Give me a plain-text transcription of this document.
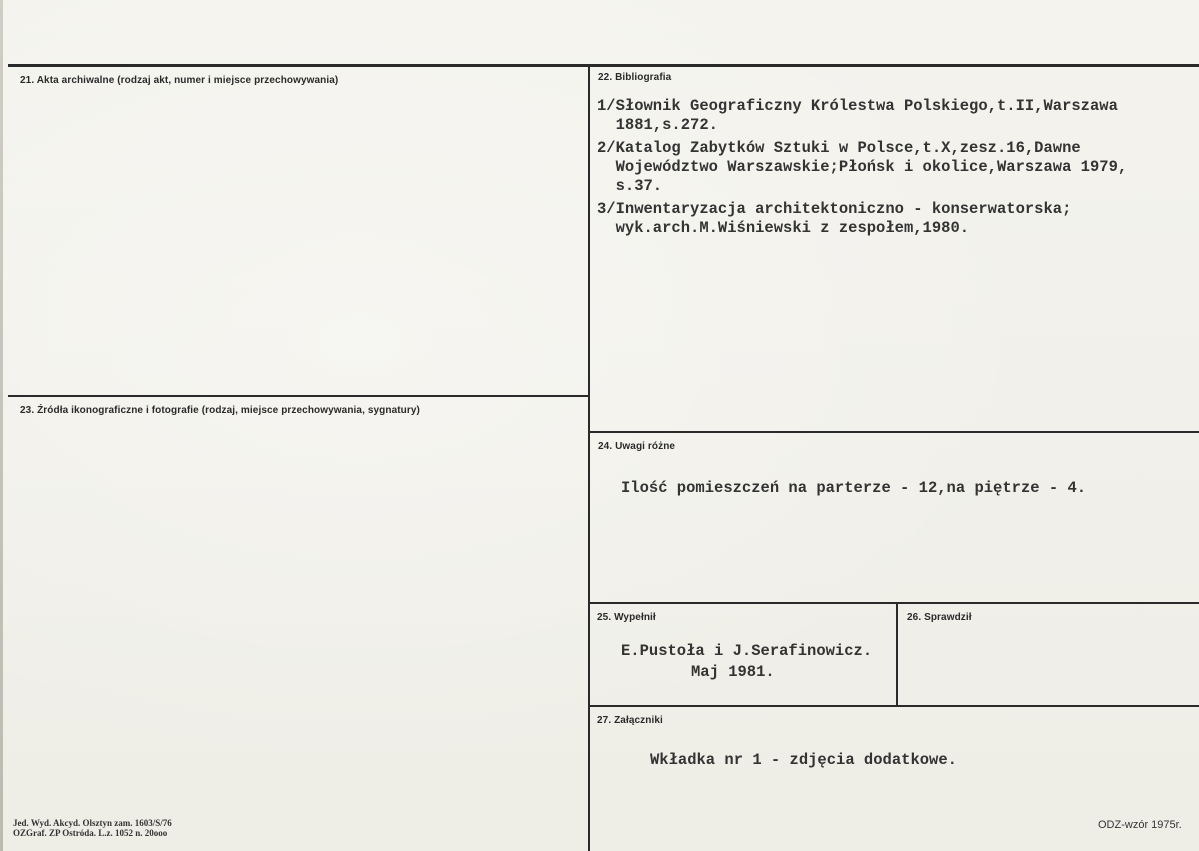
21. Akta archiwalne (rodzaj akt, numer i miejsce przechowywania)	22. Bibliografia
23. Źródła ikonograficzne i fotografie (rodzaj, miejsce przechowywania, sygnatury)
24. Uwagi różne
25. Wypełnił	26. Sprawdził
27. Załączniki
1/Słownik Geograficzny Królestwa Polskiego,t.II,Warszawa
1881,s.272.
2/Katalog Zabytków Sztuki w Polsce,t.X,zesz.16,Dawne
Województwo Warszawskie;Płońsk i okolice,Warszawa 1979,
s.37.
3/Inwentaryzacja architektoniczno - konserwatorska;
wyk.arch.M.Wiśniewski z zespołem,1980.
Ilość pomieszczeń na parterze - 12,na piętrze - 4.
E.Pustoła i J.Serafinowicz.
Maj 1981.
Wkładka nr 1 - zdjęcia dodatkowe.
Jed. Wyd. Akcyd. Olsztyn zam. 1603/S/76
OZGraf. ZP Ostróda. L.z. 1052 n. 20ooo
ODZ-wzór 1975r.
